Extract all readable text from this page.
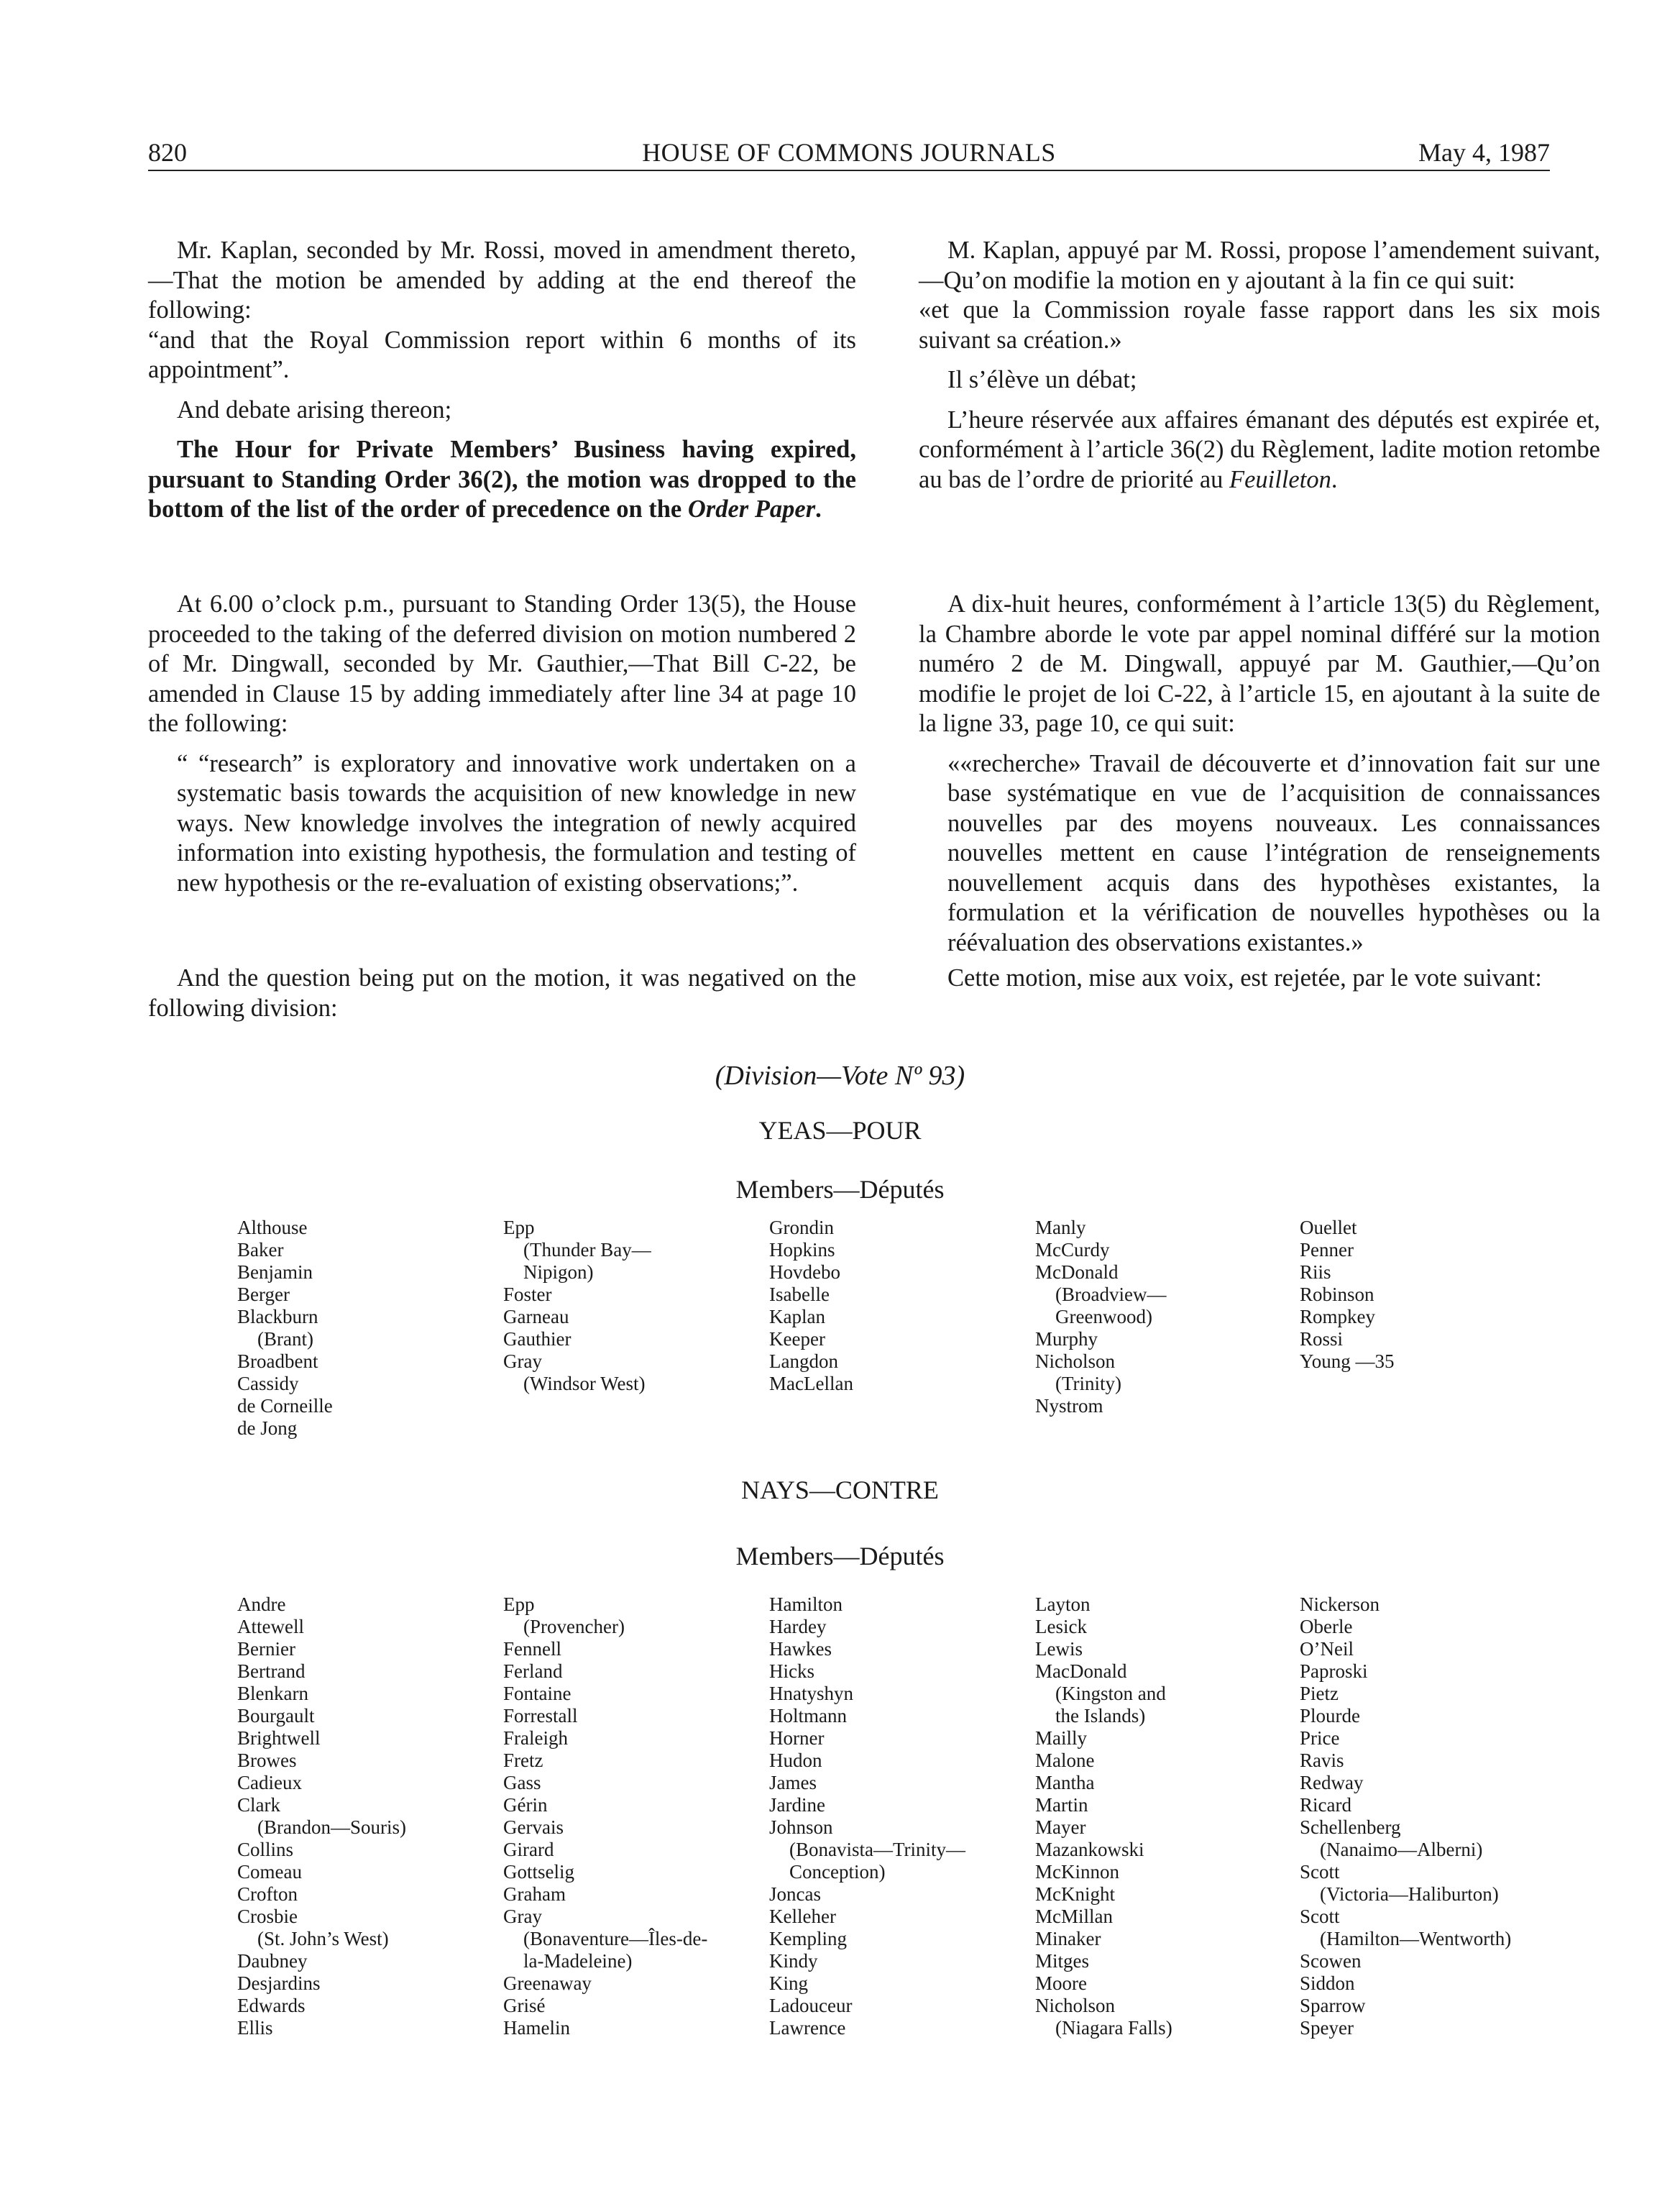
820	HOUSE OF COMMONS JOURNALS	May 4, 1987

Mr. Kaplan, seconded by Mr. Rossi, moved in amendment thereto,—That the motion be amended by adding at the end thereof the following:

“and that the Royal Commission report within 6 months of its appointment”.

And debate arising thereon;

The Hour for Private Members’ Business having expired, pursuant to Standing Order 36(2), the motion was dropped to the bottom of the list of the order of precedence on the Order Paper.

M. Kaplan, appuyé par M. Rossi, propose l’amendement suivant,—Qu’on modifie la motion en y ajoutant à la fin ce qui suit:

«et que la Commission royale fasse rapport dans les six mois suivant sa création.»

Il s’élève un débat;

L’heure réservée aux affaires émanant des députés est expirée et, conformément à l’article 36(2) du Règlement, ladite motion retombe au bas de l’ordre de priorité au Feuilleton.

At 6.00 o’clock p.m., pursuant to Standing Order 13(5), the House proceeded to the taking of the deferred division on motion numbered 2 of Mr. Dingwall, seconded by Mr. Gauthier,—That Bill C-22, be amended in Clause 15 by adding immediately after line 34 at page 10 the following:

“ “research” is exploratory and innovative work undertaken on a systematic basis towards the acquisition of new knowledge in new ways. New knowledge involves the integration of newly acquired information into existing hypothesis, the formulation and testing of new hypothesis or the re-evaluation of existing observations;”.

A dix-huit heures, conformément à l’article 13(5) du Règlement, la Chambre aborde le vote par appel nominal différé sur la motion numéro 2 de M. Dingwall, appuyé par M. Gauthier,—Qu’on modifie le projet de loi C-22, à l’article 15, en ajoutant à la suite de la ligne 33, page 10, ce qui suit:

««recherche» Travail de découverte et d’innovation fait sur une base systématique en vue de l’acquisition de connaissances nouvelles par des moyens nouveaux. Les connaissances nouvelles mettent en cause l’intégration de renseignements nouvellement acquis dans des hypothèses existantes, la formulation et la vérification de nouvelles hypothèses ou la réévaluation des observations existantes.»

And the question being put on the motion, it was negatived on the following division:

Cette motion, mise aux voix, est rejetée, par le vote suivant:

(Division—Vote Nº 93)
YEAS—POUR
Members—Députés
Althouse
Baker
Benjamin
Berger
Blackburn
(Brant)
Broadbent
Cassidy
de Corneille
de Jong
Epp
(Thunder Bay—
Nipigon)
Foster
Garneau
Gauthier
Gray
(Windsor West)
Grondin
Hopkins
Hovdebo
Isabelle
Kaplan
Keeper
Langdon
MacLellan
Manly
McCurdy
McDonald
(Broadview—
Greenwood)
Murphy
Nicholson
(Trinity)
Nystrom
Ouellet
Penner
Riis
Robinson
Rompkey
Rossi
Young —35
NAYS—CONTRE
Members—Députés
Andre
Attewell
Bernier
Bertrand
Blenkarn
Bourgault
Brightwell
Browes
Cadieux
Clark
(Brandon—Souris)
Collins
Comeau
Crofton
Crosbie
(St. John’s West)
Daubney
Desjardins
Edwards
Ellis
Epp
(Provencher)
Fennell
Ferland
Fontaine
Forrestall
Fraleigh
Fretz
Gass
Gérin
Gervais
Girard
Gottselig
Graham
Gray
(Bonaventure—Îles-de-
la-Madeleine)
Greenaway
Grisé
Hamelin
Hamilton
Hardey
Hawkes
Hicks
Hnatyshyn
Holtmann
Horner
Hudon
James
Jardine
Johnson
(Bonavista—Trinity—
Conception)
Joncas
Kelleher
Kempling
Kindy
King
Ladouceur
Lawrence
Layton
Lesick
Lewis
MacDonald
(Kingston and
the Islands)
Mailly
Malone
Mantha
Martin
Mayer
Mazankowski
McKinnon
McKnight
McMillan
Minaker
Mitges
Moore
Nicholson
(Niagara Falls)
Nickerson
Oberle
O’Neil
Paproski
Pietz
Plourde
Price
Ravis
Redway
Ricard
Schellenberg
(Nanaimo—Alberni)
Scott
(Victoria—Haliburton)
Scott
(Hamilton—Wentworth)
Scowen
Siddon
Sparrow
Speyer
